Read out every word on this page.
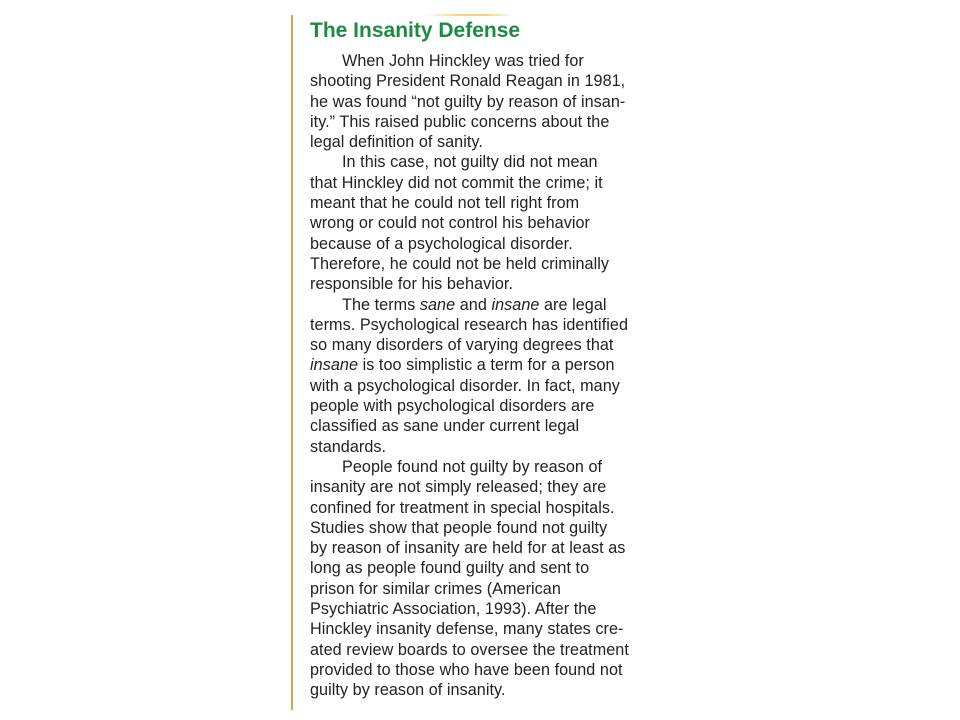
The Insanity Defense

When John Hinckley was tried for
shooting President Ronald Reagan in 1981,
he was found “not guilty by reason of insan-
ity.” This raised public concerns about the
legal definition of sanity.

In this case, not guilty did not mean
that Hinckley did not commit the crime; it
meant that he could not tell right from
wrong or could not control his behavior
because of a psychological disorder.
Therefore, he could not be held criminally
responsible for his behavior.

The terms sane and insane are legal
terms. Psychological research has identified
so many disorders of varying degrees that
insane is too simplistic a term for a person
with a psychological disorder. In fact, many
people with psychological disorders are
classified as sane under current legal
standards.

People found not guilty by reason of
insanity are not simply released; they are
confined for treatment in special hospitals.
Studies show that people found not guilty
by reason of insanity are held for at least as
long as people found guilty and sent to
prison for similar crimes (American
Psychiatric Association, 1993). After the
Hinckley insanity defense, many states cre-
ated review boards to oversee the treatment
provided to those who have been found not
guilty by reason of insanity.
